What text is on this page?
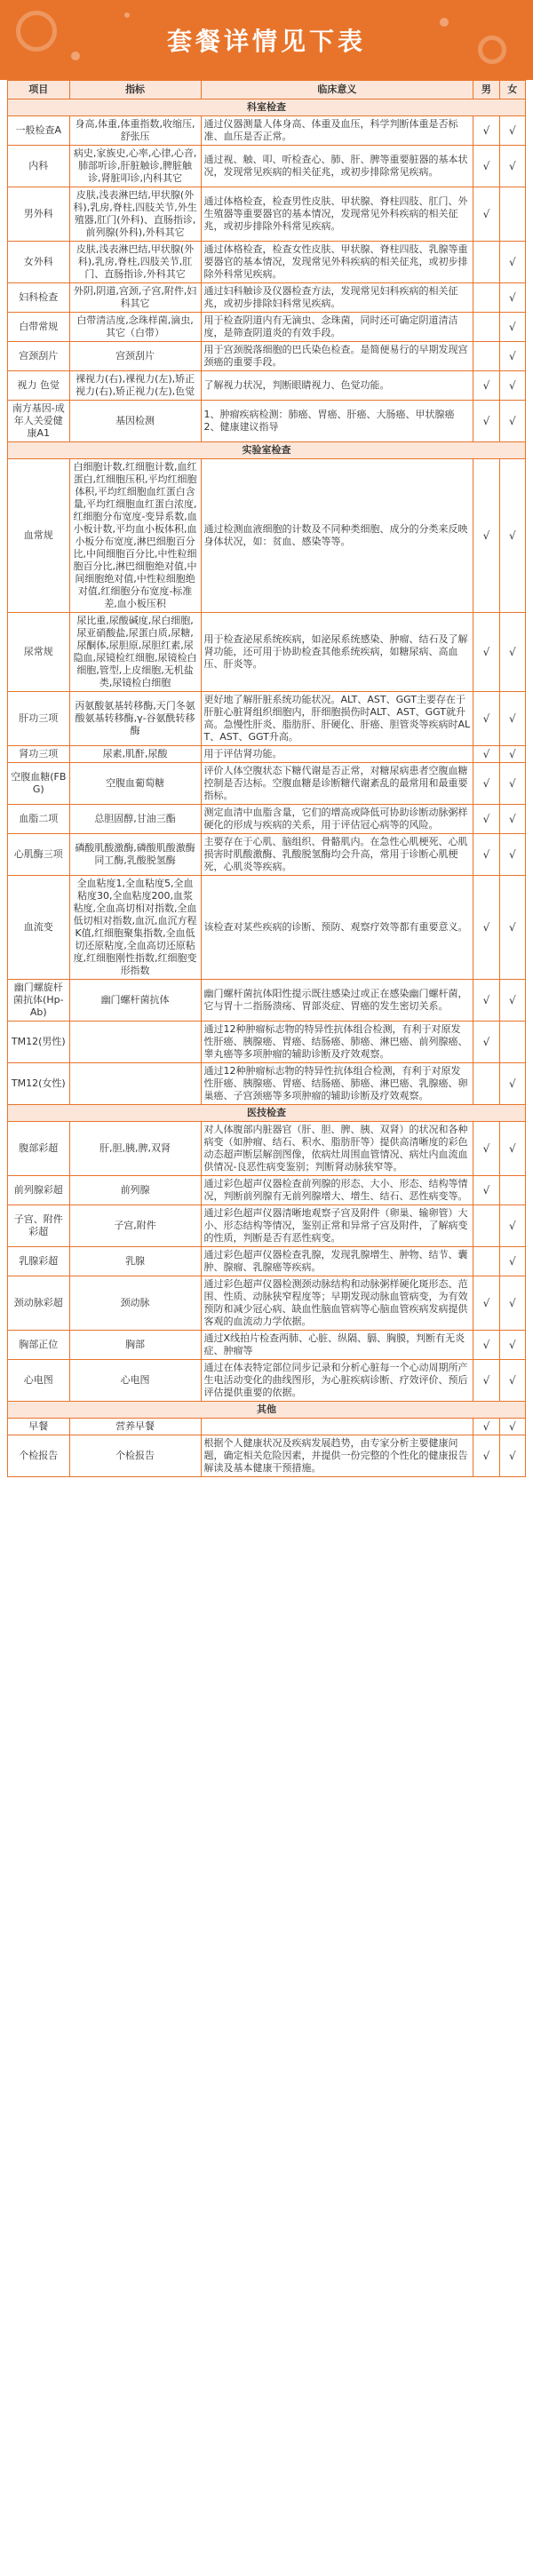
套餐详情见下表
项目	指标	临床意义	男	女
科室检查				
一般检查A	身高,体重,体重指数,收缩压,舒张压	通过仪器测量人体身高、体重及血压，科学判断体重是否标准、血压是否正常。	√	√
内科	病史,家族史,心率,心律,心音,肺部听诊,肝脏触诊,脾脏触诊,肾脏叩诊,内科其它	通过视、触、叩、听检查心、肺、肝、脾等重要脏器的基本状况，发现常见疾病的相关征兆，或初步排除常见疾病。	√	√
男外科	皮肤,浅表淋巴结,甲状腺(外科),乳房,脊柱,四肢关节,外生殖器,肛门(外科)、直肠指诊,前列腺(外科),外科其它	通过体格检查，检查男性皮肤、甲状腺、脊柱四肢、肛门、外生殖器等重要器官的基本情况，发现常见外科疾病的相关征兆，或初步排除外科常见疾病。	√	
女外科	皮肤,浅表淋巴结,甲状腺(外科),乳房,脊柱,四肢关节,肛门、直肠指诊,外科其它	通过体格检查，检查女性皮肤、甲状腺、脊柱四肢、乳腺等重要器官的基本情况，发现常见外科疾病的相关征兆，或初步排除外科常见疾病。		√
妇科检查	外阴,阴道,宫颈,子宫,附件,妇科其它	通过妇科触诊及仪器检查方法，发现常见妇科疾病的相关征兆，或初步排除妇科常见疾病。		√
白带常规	白带清洁度,念珠样菌,滴虫,其它（白带）	用于检查阴道内有无滴虫、念珠菌，同时还可确定阴道清洁度，是筛查阴道炎的有效手段。		√
宫颈刮片	宫颈刮片	用于宫颈脱落细胞的巴氏染色检查。是简便易行的早期发现宫颈癌的重要手段。		√
视力 色觉	裸视力(右),裸视力(左),矫正视力(右),矫正视力(左),色觉	了解视力状况，判断眼睛视力、色觉功能。	√	√
南方基因-成年人关爱健康A1	基因检测	1、肿瘤疾病检测：肺癌、胃癌、肝癌、大肠癌、甲状腺癌 2、健康建议指导	√	√
实验室检查				
血常规	白细胞计数,红细胞计数,血红蛋白,红细胞压积,平均红细胞体积,平均红细胞血红蛋白含量,平均红细胞血红蛋白浓度,红细胞分布宽度-变异系数,血小板计数,平均血小板体积,血小板分布宽度,淋巴细胞百分比,中间细胞百分比,中性粒细胞百分比,淋巴细胞绝对值,中间细胞绝对值,中性粒细胞绝对值,红细胞分布宽度-标准差,血小板压积	通过检测血液细胞的计数及不同种类细胞、成分的分类来反映身体状况，如：贫血、感染等等。	√	√
尿常规	尿比重,尿酸碱度,尿白细胞,尿亚硝酸盐,尿蛋白质,尿糖,尿酮体,尿胆原,尿胆红素,尿隐血,尿镜检红细胞,尿镜检白细胞,管型,上皮细胞,无机盐类,尿镜检白细胞	用于检查泌尿系统疾病，如泌尿系统感染、肿瘤、结石及了解肾功能，还可用于协助检查其他系统疾病，如糖尿病、高血压、肝炎等。	√	√
肝功三项	丙氨酸氨基转移酶,天门冬氨酸氨基转移酶,γ-谷氨酰转移酶	更好地了解肝脏系统功能状况。ALT、AST、GGT主要存在于肝脏心脏肾组织细胞内，肝细胞损伤时ALT、AST、GGT就升高。急慢性肝炎、脂肪肝、肝硬化、肝癌、胆管炎等疾病时ALT、AST、GGT升高。	√	√
肾功三项	尿素,肌酐,尿酸	用于评估肾功能。	√	√
空腹血糖(FBG)	空腹血葡萄糖	评价人体空腹状态下糖代谢是否正常，对糖尿病患者空腹血糖控制是否达标。空腹血糖是诊断糖代谢紊乱的最常用和最重要指标。	√	√
血脂二项	总胆固醇,甘油三酯	测定血清中血脂含量，它们的增高或降低可协助诊断动脉粥样硬化的形成与疾病的关系，用于评估冠心病等的风险。	√	√
心肌酶三项	磷酸肌酸激酶,磷酸肌酸激酶同工酶,乳酸脱氢酶	主要存在于心肌、脑组织、骨骼肌内。在急性心肌梗死、心肌损害时肌酸激酶、乳酸脱氢酶均会升高，常用于诊断心肌梗死，心肌炎等疾病。	√	√
血流变	全血粘度1,全血粘度5,全血粘度30,全血粘度200,血浆粘度,全血高切相对指数,全血低切相对指数,血沉,血沉方程K值,红细胞聚集指数,全血低切还原粘度,全血高切还原粘度,红细胞刚性指数,红细胞变形指数	该检查对某些疾病的诊断、预防、观察疗效等都有重要意义。	√	√
幽门螺旋杆菌抗体(Hp-Ab)	幽门螺杆菌抗体	幽门螺杆菌抗体阳性提示既往感染过或正在感染幽门螺杆菌，它与胃十二指肠溃疡、胃部炎症、胃癌的发生密切关系。	√	√
TM12(男性)		通过12种肿瘤标志物的特异性抗体组合检测，有利于对原发性肝癌、胰腺癌、胃癌、结肠癌、肺癌、淋巴癌、前列腺癌、睾丸癌等多项肿瘤的辅助诊断及疗效观察。	√	
TM12(女性)		通过12种肿瘤标志物的特异性抗体组合检测，有利于对原发性肝癌、胰腺癌、胃癌、结肠癌、肺癌、淋巴癌、乳腺癌、卵巢癌、子宫颈癌等多项肿瘤的辅助诊断及疗效观察。		√
医技检查				
腹部彩超	肝,胆,胰,脾,双肾	对人体腹部内脏器官（肝、胆、脾、胰、双肾）的状况和各种病变（如肿瘤、结石、积水、脂肪肝等）提供高清晰度的彩色动态超声断层解剖图像，依病灶周围血管情况、病灶内血流血供情况-良恶性病变鉴别；判断肾动脉狭窄等。	√	√
前列腺彩超	前列腺	通过彩色超声仪器检查前列腺的形态、大小、形态、结构等情况，判断前列腺有无前列腺增大、增生、结石、恶性病变等。	√	
子宫、附件彩超	子宫,附件	通过彩色超声仪器清晰地观察子宫及附件（卵巢、输卵管）大小、形态结构等情况，鉴别正常和异常子宫及附件，了解病变的性质，判断是否有恶性病变。		√
乳腺彩超	乳腺	通过彩色超声仪器检查乳腺，发现乳腺增生、肿物、结节、囊肿、腺瘤、乳腺癌等疾病。		√
颈动脉彩超	颈动脉	通过彩色超声仪器检测颈动脉结构和动脉粥样硬化斑形态、范围、性质、动脉狭窄程度等；早期发现动脉血管病变，为有效预防和减少冠心病、缺血性脑血管病等心脑血管疾病发病提供客观的血流动力学依据。	√	√
胸部正位	胸部	通过X线拍片检查两肺、心脏、纵隔、膈、胸膜，判断有无炎症、肿瘤等	√	√
心电图	心电图	通过在体表特定部位同步记录和分析心脏每一个心动周期所产生电活动变化的曲线图形，为心脏疾病诊断、疗效评价、预后评估提供重要的依据。	√	√
其他				
早餐	营养早餐		√	√
个检报告	个检报告	根据个人健康状况及疾病发展趋势，由专家分析主要健康问题，确定相关危险因素，并提供一份完整的个性化的健康报告解读及基本健康干预措施。	√	√
